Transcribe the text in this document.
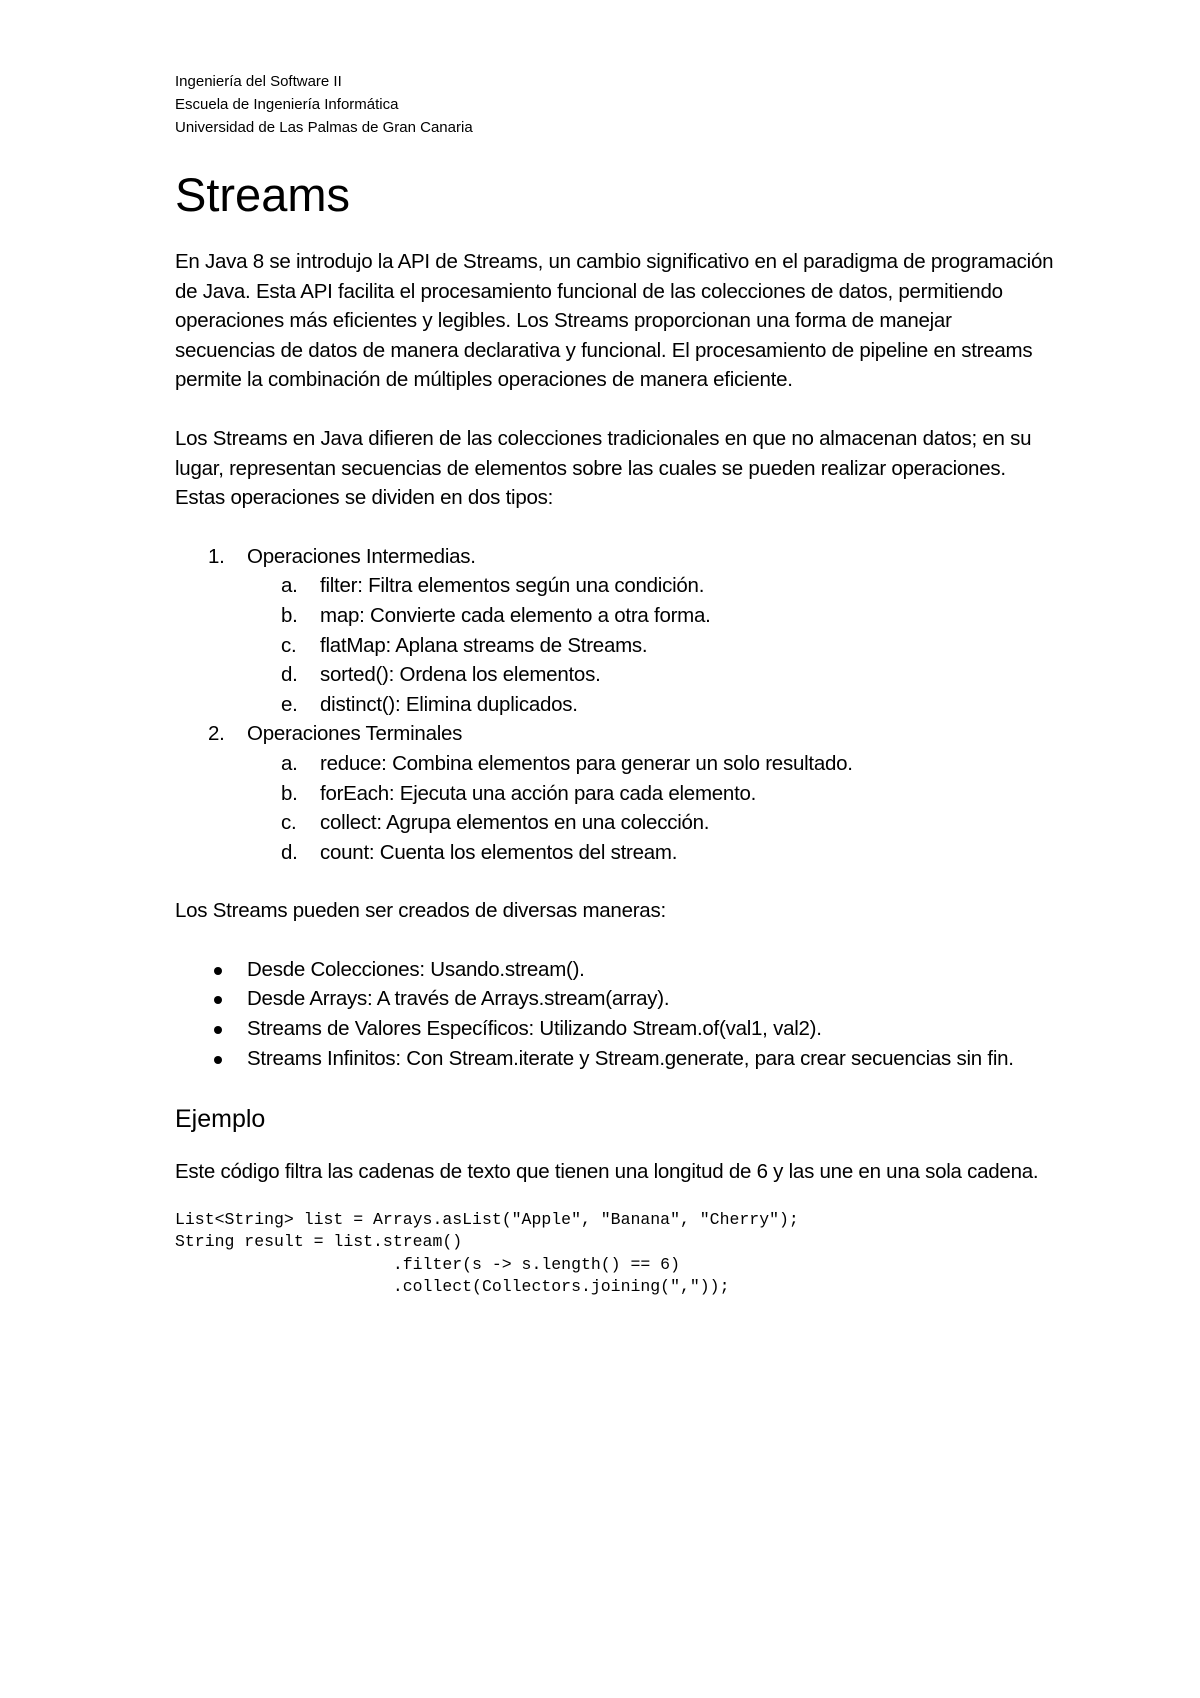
Ingeniería del Software II
Escuela de Ingeniería Informática
Universidad de Las Palmas de Gran Canaria
Streams
En Java 8 se introdujo la API de Streams, un cambio significativo en el paradigma de programación de Java. Esta API facilita el procesamiento funcional de las colecciones de datos, permitiendo operaciones más eficientes y legibles. Los Streams proporcionan una forma de manejar secuencias de datos de manera declarativa y funcional. El procesamiento de pipeline en streams permite la combinación de múltiples operaciones de manera eficiente.
Los Streams en Java difieren de las colecciones tradicionales en que no almacenan datos; en su lugar, representan secuencias de elementos sobre las cuales se pueden realizar operaciones. Estas operaciones se dividen en dos tipos:
1. Operaciones Intermedias.
a. filter: Filtra elementos según una condición.
b. map: Convierte cada elemento a otra forma.
c. flatMap: Aplana streams de Streams.
d. sorted(): Ordena los elementos.
e. distinct(): Elimina duplicados.
2. Operaciones Terminales
a. reduce: Combina elementos para generar un solo resultado.
b. forEach: Ejecuta una acción para cada elemento.
c. collect: Agrupa elementos en una colección.
d. count: Cuenta los elementos del stream.
Los Streams pueden ser creados de diversas maneras:
Desde Colecciones: Usando.stream().
Desde Arrays: A través de Arrays.stream(array).
Streams de Valores Específicos: Utilizando Stream.of(val1, val2).
Streams Infinitos: Con Stream.iterate y Stream.generate, para crear secuencias sin fin.
Ejemplo
Este código filtra las cadenas de texto que tienen una longitud de 6 y las une en una sola cadena.
List<String> list = Arrays.asList("Apple", "Banana", "Cherry");
String result = list.stream()
.filter(s -> s.length() == 6)
.collect(Collectors.joining(","));
